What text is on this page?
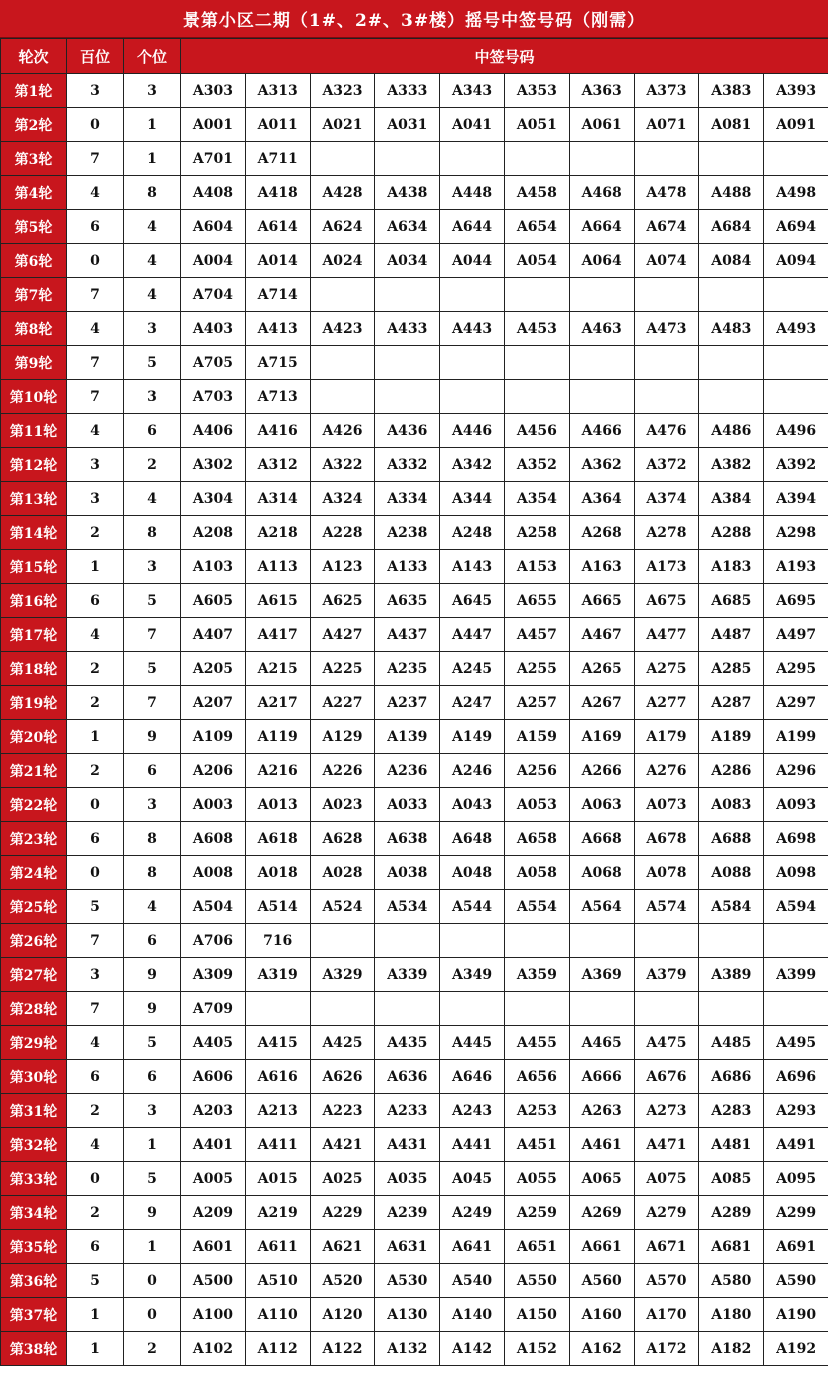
景第小区二期（1#、2#、3#楼）摇号中签号码（刚需）
轮次	百位	个位	中签号码									
第1轮	3	3	A303	A313	A323	A333	A343	A353	A363	A373	A383	A393
第2轮	0	1	A001	A011	A021	A031	A041	A051	A061	A071	A081	A091
第3轮	7	1	A701	A711								
第4轮	4	8	A408	A418	A428	A438	A448	A458	A468	A478	A488	A498
第5轮	6	4	A604	A614	A624	A634	A644	A654	A664	A674	A684	A694
第6轮	0	4	A004	A014	A024	A034	A044	A054	A064	A074	A084	A094
第7轮	7	4	A704	A714								
第8轮	4	3	A403	A413	A423	A433	A443	A453	A463	A473	A483	A493
第9轮	7	5	A705	A715								
第10轮	7	3	A703	A713								
第11轮	4	6	A406	A416	A426	A436	A446	A456	A466	A476	A486	A496
第12轮	3	2	A302	A312	A322	A332	A342	A352	A362	A372	A382	A392
第13轮	3	4	A304	A314	A324	A334	A344	A354	A364	A374	A384	A394
第14轮	2	8	A208	A218	A228	A238	A248	A258	A268	A278	A288	A298
第15轮	1	3	A103	A113	A123	A133	A143	A153	A163	A173	A183	A193
第16轮	6	5	A605	A615	A625	A635	A645	A655	A665	A675	A685	A695
第17轮	4	7	A407	A417	A427	A437	A447	A457	A467	A477	A487	A497
第18轮	2	5	A205	A215	A225	A235	A245	A255	A265	A275	A285	A295
第19轮	2	7	A207	A217	A227	A237	A247	A257	A267	A277	A287	A297
第20轮	1	9	A109	A119	A129	A139	A149	A159	A169	A179	A189	A199
第21轮	2	6	A206	A216	A226	A236	A246	A256	A266	A276	A286	A296
第22轮	0	3	A003	A013	A023	A033	A043	A053	A063	A073	A083	A093
第23轮	6	8	A608	A618	A628	A638	A648	A658	A668	A678	A688	A698
第24轮	0	8	A008	A018	A028	A038	A048	A058	A068	A078	A088	A098
第25轮	5	4	A504	A514	A524	A534	A544	A554	A564	A574	A584	A594
第26轮	7	6	A706	716								
第27轮	3	9	A309	A319	A329	A339	A349	A359	A369	A379	A389	A399
第28轮	7	9	A709									
第29轮	4	5	A405	A415	A425	A435	A445	A455	A465	A475	A485	A495
第30轮	6	6	A606	A616	A626	A636	A646	A656	A666	A676	A686	A696
第31轮	2	3	A203	A213	A223	A233	A243	A253	A263	A273	A283	A293
第32轮	4	1	A401	A411	A421	A431	A441	A451	A461	A471	A481	A491
第33轮	0	5	A005	A015	A025	A035	A045	A055	A065	A075	A085	A095
第34轮	2	9	A209	A219	A229	A239	A249	A259	A269	A279	A289	A299
第35轮	6	1	A601	A611	A621	A631	A641	A651	A661	A671	A681	A691
第36轮	5	0	A500	A510	A520	A530	A540	A550	A560	A570	A580	A590
第37轮	1	0	A100	A110	A120	A130	A140	A150	A160	A170	A180	A190
第38轮	1	2	A102	A112	A122	A132	A142	A152	A162	A172	A182	A192
